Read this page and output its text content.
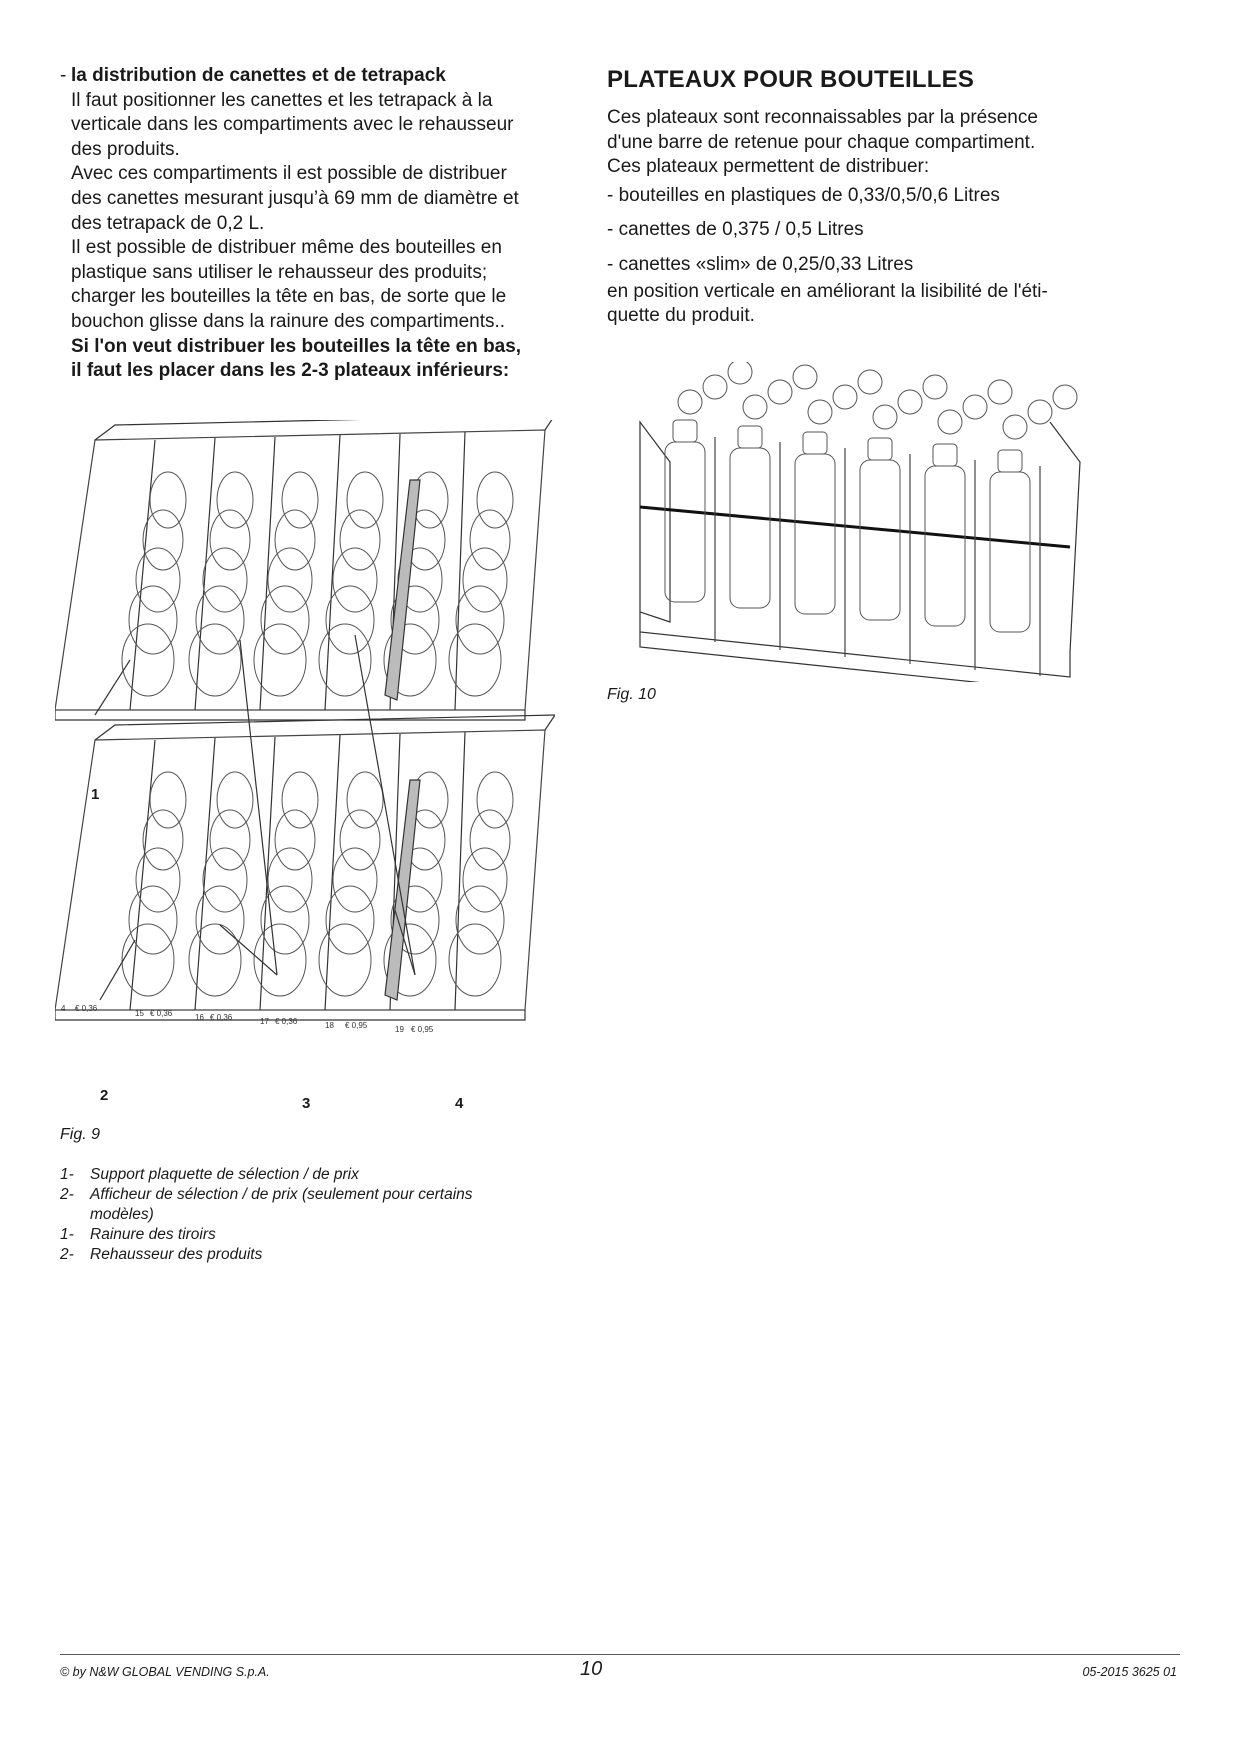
- la distribution de canettes et de tetrapack
Il faut positionner les canettes et les tetrapack à la
verticale dans les compartiments avec le rehausseur
des produits.
Avec ces compartiments il est possible de distribuer
des canettes mesurant jusqu’à 69 mm de diamètre et
des tetrapack de 0,2 L.
Il est possible de distribuer même des bouteilles en
plastique sans utiliser le rehausseur des produits;
charger les bouteilles la tête en bas, de sorte que le
bouchon glisse dans la rainure des compartiments..
Si l'on veut distribuer les bouteilles la tête en bas,
il faut les placer dans les 2-3 plateaux inférieurs:
PLATEAUX POUR BOUTEILLES
Ces plateaux sont reconnaissables par la présence
d'une barre de retenue pour chaque compartiment.
Ces plateaux permettent de distribuer:
- bouteilles en plastiques de 0,33/0,5/0,6 Litres
- canettes de 0,375 / 0,5 Litres
- canettes «slim» de 0,25/0,33 Litres
en position verticale en améliorant la lisibilité de l'éti-
quette du produit.
4 € 0,36
15 € 0,36	16 € 0,36	17 € 0,36	18 € 0,95	19 € 0,95
1
2	3	4
Fig. 9
Fig. 10
1-	Support plaquette de sélection / de prix
2-	Afficheur de sélection / de prix (seulement pour certains
modèles)
1-	Rainure des tiroirs
2-	Rehausseur des produits
© by N&W GLOBAL VENDING S.p.A.	10	05-2015 3625 01
